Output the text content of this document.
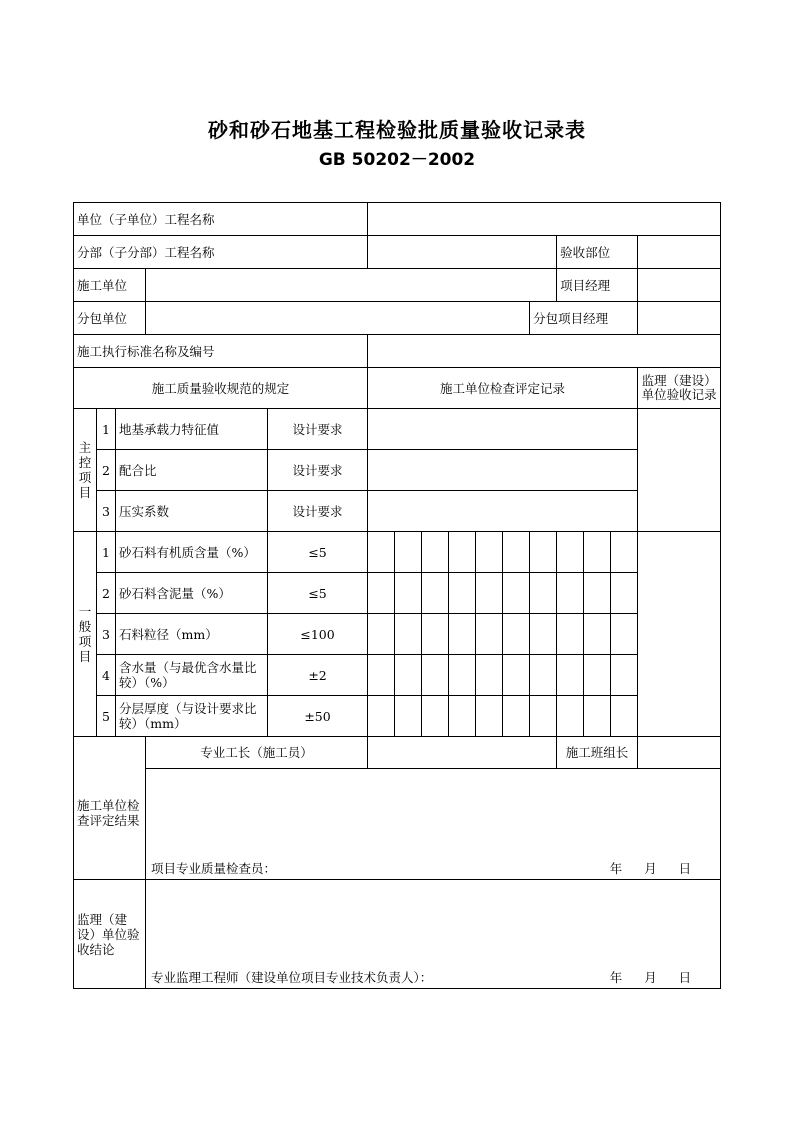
砂和砂石地基工程检验批质量验收记录表
GB 50202－2002
单位（子单位）工程名称															
分部（子分部）工程名称												验收部位			
施工单位												项目经理			
分包单位											分包项目经理				
施工执行标准名称及编号															
施工质量验收规范的规定					施工单位检查评定记录										监理（建设）单位验收记录
主
控
项
目	1	地基承载力特征值		设计要求											
	2	配合比		设计要求											
	3	压实系数		设计要求											
一
般
项
目	1	砂石料有机质含量（%）		≤5											
	2	砂石料含泥量（%）		≤5											
	3	石料粒径（mm）		≤100											
	4	含水量（与最优含水量比较）（%）		±2											
	5	分层厚度（与设计要求比较）（mm）		±50											
施工单位检查评定结果			专业工长（施工员）									施工班组长			

			项目专业质量检查员： 年 月 日												

监理（建设）单位验收结论			专业监理工程师（建设单位项目专业技术负责人）： 年 月 日												
